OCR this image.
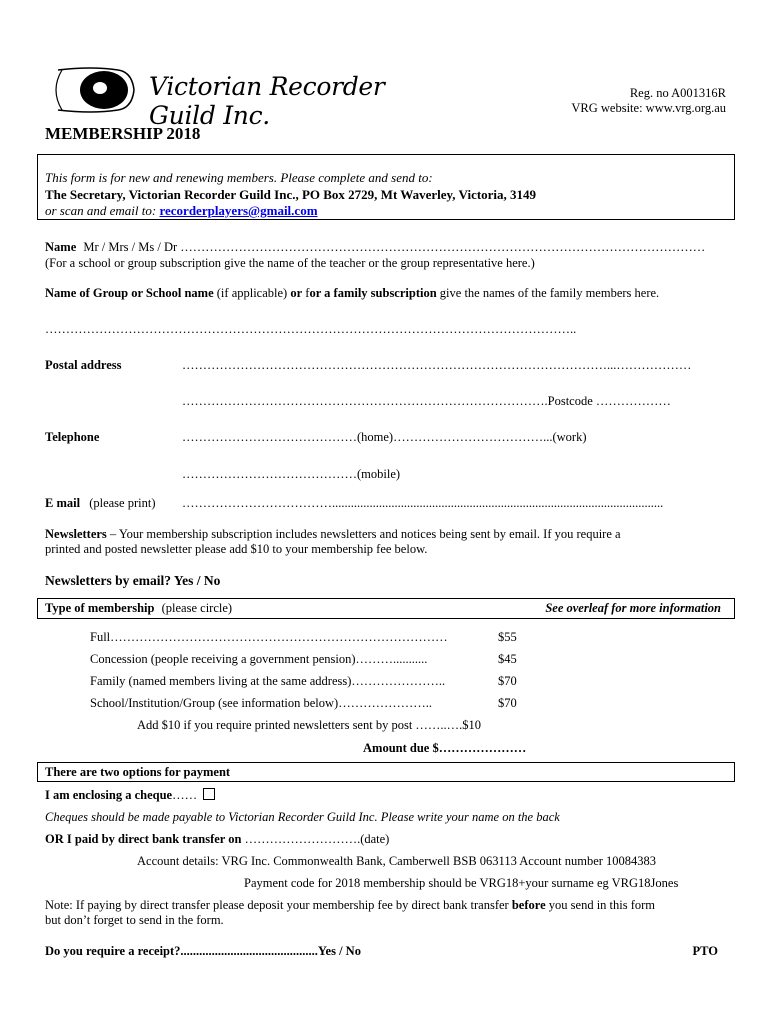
Victorian Recorder Guild Inc.
Reg. no A001316R
VRG website: www.vrg.org.au
MEMBERSHIP 2018
This form is for new and renewing members. Please complete and send to:
The Secretary, Victorian Recorder Guild Inc., PO Box 2729, Mt Waverley, Victoria, 3149
or scan and email to: recorderplayers@gmail.com
Name Mr / Mrs / Ms / Dr ………………………………………………………………………………………………………………
(For a school or group subscription give the name of the teacher or the group representative here.)
Name of Group or School name (if applicable) or for a family subscription give the names of the family members here.
………………………………………………………………………………………………………………..
Postal address	…………………………………………………………………………………………...………………
…………………………………………………………………………….Postcode ………………
Telephone	……………………………………(home)………………………………...(work)
……………………………………(mobile)
E mail (please print) ………………………………..........................................................................................................
Newsletters – Your membership subscription includes newsletters and notices being sent by email. If you require a
printed and posted newsletter please add $10 to your membership fee below.
Newsletters by email? Yes / No
Type of membership (please circle)	See overleaf for more information
Full………………………………………………………………………	$55
Concession (people receiving a government pension)………...........	$45
Family (named members living at the same address)…………………..	$70
School/Institution/Group (see information below)…………………..	$70
Add $10 if you require printed newsletters sent by post ……..….$10
Amount due $…………………
There are two options for payment
I am enclosing a cheque……
Cheques should be made payable to Victorian Recorder Guild Inc. Please write your name on the back
OR I paid by direct bank transfer on ……………………….(date)
Account details: VRG Inc. Commonwealth Bank, Camberwell BSB 063113 Account number 10084383
Payment code for 2018 membership should be VRG18+your surname eg VRG18Jones
Note: If paying by direct transfer please deposit your membership fee by direct bank transfer before you send in this form
but don’t forget to send in the form.
Do you require a receipt?............................................Yes / No	PTO
